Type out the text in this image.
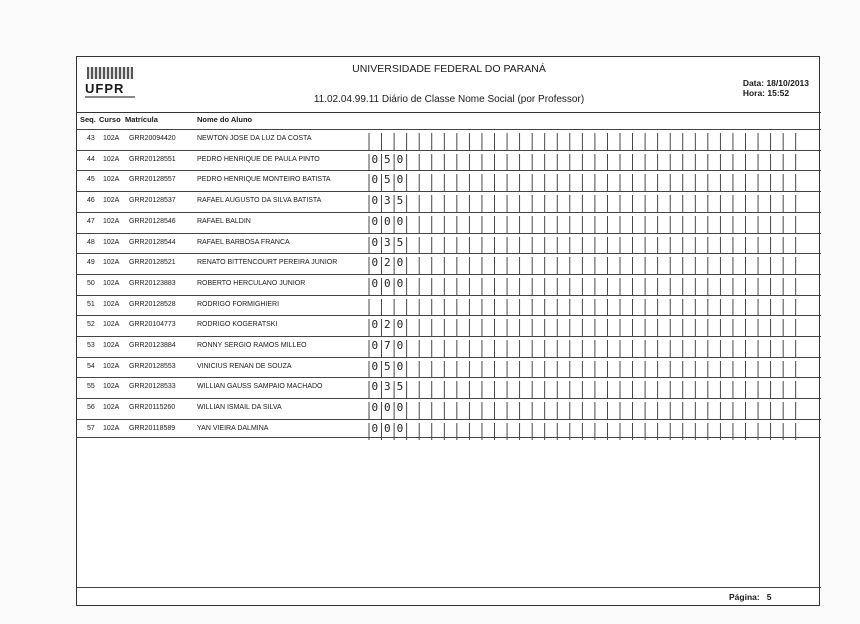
UFPR
UNIVERSIDADE FEDERAL DO PARANÁ
11.02.04.99.11 Diário de Classe Nome Social (por Professor)
Data: 18/10/2013
Hora: 15:52
Seq. Curso Matrícula	Nome do Aluno
43 102A GRR20094420	NEWTON JOSE DA LUZ DA COSTA
44 102A GRR20128551	PEDRO HENRIQUE DE PAULA PINTO	0 5 0
45 102A GRR20128557	PEDRO HENRIQUE MONTEIRO BATISTA	0 5 0
46 102A GRR20128537	RAFAEL AUGUSTO DA SILVA BATISTA	0 3 5
47 102A GRR20128546	RAFAEL BALDIN	0 0 0
48 102A GRR20128544	RAFAEL BARBOSA FRANCA	0 3 5
49 102A GRR20128521	RENATO BITTENCOURT PEREIRA JUNIOR	0 2 0
50 102A GRR20123883	ROBERTO HERCULANO JUNIOR	0 0 0
51 102A GRR20128528	RODRIGO FORMIGHIERI
52 102A GRR20104773	RODRIGO KOGERATSKI	0 2 0
53 102A GRR20123884	RONNY SERGIO RAMOS MILLEO	0 7 0
54 102A GRR20128553	VINICIUS RENAN DE SOUZA	0 5 0
55 102A GRR20128533	WILLIAN GAUSS SAMPAIO MACHADO	0 3 5
56 102A GRR20115260	WILLIAN ISMAIL DA SILVA	0 0 0
57 102A GRR20118589	YAN VIEIRA DALMINA	0 0 0
Página: 5
